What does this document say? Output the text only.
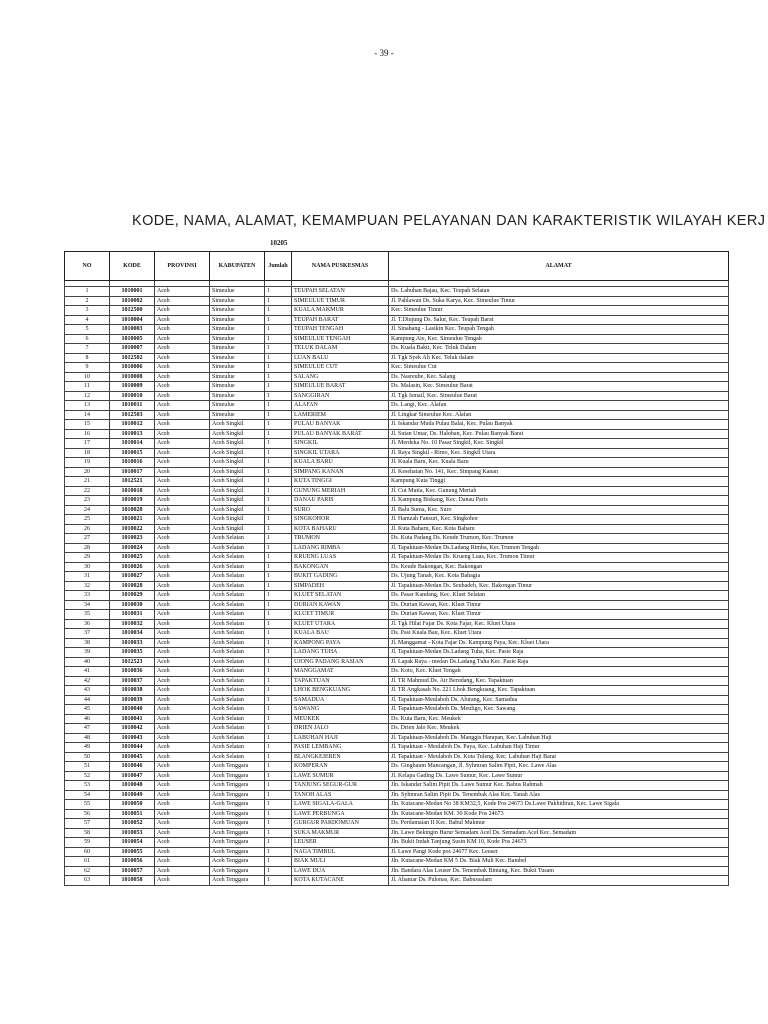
- 39 -
KODE, NAMA, ALAMAT, KEMAMPUAN PELAYANAN DAN KARAKTERISTIK WILAYAH KERJ
10205
NO	KODE	PROVINSI	KABUPATEN	Jumlah	NAMA PUSKESMAS	ALAMAT

1	1010001	Aceh	Simeulue	1	TEUPAH SELATAN	Ds. Labuhan Bajau, Kec. Teupah Selatan
2	1010002	Aceh	Simeulue	1	SIMEULUE TIMUR	Jl. Pahlawan Ds. Suka Karya, Kec. Simeulue Timur
3	1012500	Aceh	Simeulue	1	KUALA MAKMUR	Kec. Simeulue Timur
4	1010004	Aceh	Simeulue	1	TEUPAH BARAT	Jl. T.Diujung Ds. Salur, Kec. Teupah Barat
5	1010003	Aceh	Simeulue	1	TEUPAH TENGAH	Jl. Sinabang - Lasikin Kec. Teupah Tengah
6	1010005	Aceh	Simeulue	1	SIMEULUE TENGAH	Kampung Aie, Kec. Simeulue Tengah
7	1010007	Aceh	Simeulue	1	TELUK DALAM	Ds. Kuala Bakti, Kec. Teluk Dalam
8	1012502	Aceh	Simeulue	1	LUAN BALU	Jl. Tgk Syek Ali Kec. Teluk dalam
9	1010006	Aceh	Simeulue	1	SIMEULUE CUT	Kec. Simeulue Cut
10	1010008	Aceh	Simeulue	1	SALANG	Ds. Nasreuhe, Kec. Salang
11	1010009	Aceh	Simeulue	1	SIMEULUE BARAT	Ds. Malasin, Kec. Simeulue Barat
12	1010010	Aceh	Simeulue	1	SANGGIRAN	Jl. Tgk Ismail, Kec. Simeulue Barat
13	1010011	Aceh	Simeulue	1	ALAFAN	Ds. Langi, Kec. Alafan
14	1012503	Aceh	Simeulue	1	LAMERIEM	Jl. Lingkar Simeulue Kec. Alafan
15	1010012	Aceh	Aceh Singkil	1	PULAU BANYAK	Jl. Iskandar Muda Pulau Balai, Kec. Pulau Banyak
16	1010013	Aceh	Aceh Singkil	1	PULAU BANYAK BARAT	Jl. Sutan Umar, Ds. Haloban, Kec. Pulau Banyak Barat
17	1010014	Aceh	Aceh Singkil	1	SINGKIL	Jl. Merdeka No. 10 Pasar Singkil, Kec. Singkil
18	1010015	Aceh	Aceh Singkil	1	SINGKIL UTARA	Jl. Raya Singkil - Rimo, Kec. Singkil Utara
19	1010016	Aceh	Aceh Singkil	1	KUALA BARU	Jl. Kuala Baru, Kec. Kuala Baru
20	1010017	Aceh	Aceh Singkil	1	SIMPANG KANAN	Jl. Kesehatan No. 141, Kec. Simpang Kanan
21	1012521	Aceh	Aceh Singkil	1	KUTA TINGGI	Kampung Kuta Tinggi
22	1010018	Aceh	Aceh Singkil	1	GUNUNG MERIAH	Jl. Cut Mutia, Kec. Gunung Meriah
23	1010019	Aceh	Aceh Singkil	1	DANAU PARIS	Jl. Kampung Biskang, Kec. Danau Paris
24	1010020	Aceh	Aceh Singkil	1	SURO	Jl. Balu Suma, Kec. Suro
25	1010021	Aceh	Aceh Singkil	1	SINGKOHOR	Jl. Hamzah Fansuri, Kec. Singkohor
26	1010022	Aceh	Aceh Singkil	1	KOTA BAHARU	Jl. Kuta Baharu, Kec. Kota Baharu
27	1010023	Aceh	Aceh Selatan	1	TRUMON	Ds. Kuta Padang Ds. Keude Trumon, Kec. Trumon
28	1010024	Aceh	Aceh Selatan	1	LADANG RIMBA	Jl. Tapaktuan-Medan Ds.Ladang Rimba, Kec.Trumon Tengah
29	1010025	Aceh	Aceh Selatan	1	KRUENG LUAS	Jl. Tapaktuan-Medan Ds. Krueng Luas, Kec. Trumon Timur
30	1010026	Aceh	Aceh Selatan	1	BAKONGAN	Ds. Keude Bakongan, Kec. Bakongan
31	1010027	Aceh	Aceh Selatan	1	BUKIT GADING	Ds. Ujung Tanah, Kec. Kota Bahagia
32	1010028	Aceh	Aceh Selatan	1	SIMPADEH	Jl. Tapaktuan-Medan Ds. Seubadeh, Kec. Bakongan Timur
33	1010029	Aceh	Aceh Selatan	1	KLUET SELATAN	Ds. Pasar Kandang, Kec. Kluet Selatan
34	1010030	Aceh	Aceh Selatan	1	DURIAN KAWAN	Ds. Durian Kawan, Kec. Kluet Timur
35	1010031	Aceh	Aceh Selatan	1	KLUET TIMUR	Ds. Durian Kawan, Kec. Kluet Timur
36	1010032	Aceh	Aceh Selatan	1	KLUET UTARA	Jl. Tgk Hilat Fajar Ds. Kota Fajar, Kec. Kluet Utara
37	1010034	Aceh	Aceh Selatan	1	KUALA BAU	Ds. Pasi Kuala Bau, Kec. Kluet Utara
38	1010033	Aceh	Aceh Selatan	1	KAMPONG PAYA	Jl. Manggamat - Kota Fajar Ds. Kampung Paya, Kec. Kluet Utara
39	1010035	Aceh	Aceh Selatan	1	LADANG TUHA	Jl. Tapaktuan-Medan Ds.Ladang Tuha, Kec. Pasie Raja
40	1012523	Aceh	Aceh Selatan	1	UJONG PADANG RASIAN	Jl. Lapak Raya - medan Ds.Ladang Tuha Kec. Pasie Raja
41	1010036	Aceh	Aceh Selatan	1	MANGGAMAT	Ds. Koto, Kec. Kluet Tengah
42	1010037	Aceh	Aceh Selatan	1	TAPAKTUAN	Jl. TR Mahmud Ds. Air Berudang, Kec. Tapaktuan
43	1010038	Aceh	Aceh Selatan	1	LHOK BENGKUANG	Jl. TR Angkasah No. 221 Lhok Bengkuang, Kec. Tapaktuan
44	1010039	Aceh	Aceh Selatan	1	SAMADUA	Jl. Tapaktuan-Meulaboh Ds. Alurang, Kec. Samadua
45	1010040	Aceh	Aceh Selatan	1	SAWANG	Jl. Tapaktuan-Meulaboh Ds. Meuligo, Kec. Sawang
46	1010041	Aceh	Aceh Selatan	1	MEUKEK	Ds. Kuta Baru, Kec. Meukek
47	1010042	Aceh	Aceh Selatan	1	DRIEN JALO	Ds. Drien Jalo Kec. Meukek
48	1010043	Aceh	Aceh Selatan	1	LABUHAN HAJI	Jl. Tapaktuan-Meulaboh Ds. Manggis Harapan, Kec. Labuhan Haji
49	1010044	Aceh	Aceh Selatan	1	PASIE LEMBANG	Jl. Tapaktuan - Meulaboh Ds. Paya, Kec. Labuhan Haji Timur
50	1010045	Aceh	Aceh Selatan	1	BLANGKEJEREN	Jl. Tapaktuan - Meulaboh Ds. Kota Tuleng, Kec. Labuhan Haji Barat
51	1010046	Aceh	Aceh Tenggara	1	KOMPERAN	Ds. Ginghaum Mancangan, Jl. Syhmran Salim Pipit, Kec. Lawe Alas
52	1010047	Aceh	Aceh Tenggara	1	LAWE SUMUR	Jl. Kelapa Gading Ds. Lawe Sumur, Kec. Lawe Sumur
53	1010048	Aceh	Aceh Tenggara	1	TANJUNG SEGUR-GUR	Jln. Iskandar Salim Pipit Ds. Lawe Sumur Kec. Babus Rahmah
54	1010049	Aceh	Aceh Tenggara	1	TANOH ALAS	Jln. Syhmran Salim Pipit Ds. Tenembak Alas Kec. Tanah Alas
55	1010050	Aceh	Aceh Tenggara	1	LAWE SIGALA-GALA	Jln. Kutacane-Medan No 38 KM32,5, Kode Pos 24673 Ds.Lawe Pakhidiran, Kec. Lawe Sigala
56	1010051	Aceh	Aceh Tenggara	1	LAWE PERBUNGA	Jln. Kutacane-Medan KM. 30 Kode Pos 24673
57	1010052	Aceh	Aceh Tenggara	1	GURGUR PARDOMUAN	Ds. Perdamaian II Kec. Babul Makmur
58	1010053	Aceh	Aceh Tenggara	1	SUKA MAKMUR	Jln. Lawe Bekingin Harur Semadam Acel Ds. Semadam Acel Kec. Semadam
59	1010054	Aceh	Aceh Tenggara	1	LEUSER	Jln. Bukit Indah Tanjung Susin KM 10, Kode Pos 24673
60	1010055	Aceh	Aceh Tenggara	1	NAGA TIMBUL	Jl. Lawe Pangi Kode pos 24677 Kec. Leuser
61	1010056	Aceh	Aceh Tenggara	1	BIAK MULI	Jln. Kutacane-Medan KM 5 Ds. Biak Muli Kec. Bambel
62	1010057	Aceh	Aceh Tenggara	1	LAWE DUA	Jln. Bandara Alas Leuser Ds. Tenembak Bintang, Kec. Bukit Tusam
63	1010058	Aceh	Aceh Tenggara	1	KOTA KUTACANE	Jl. Ahamar Ds. Pulonas, Kec. Babussalam
